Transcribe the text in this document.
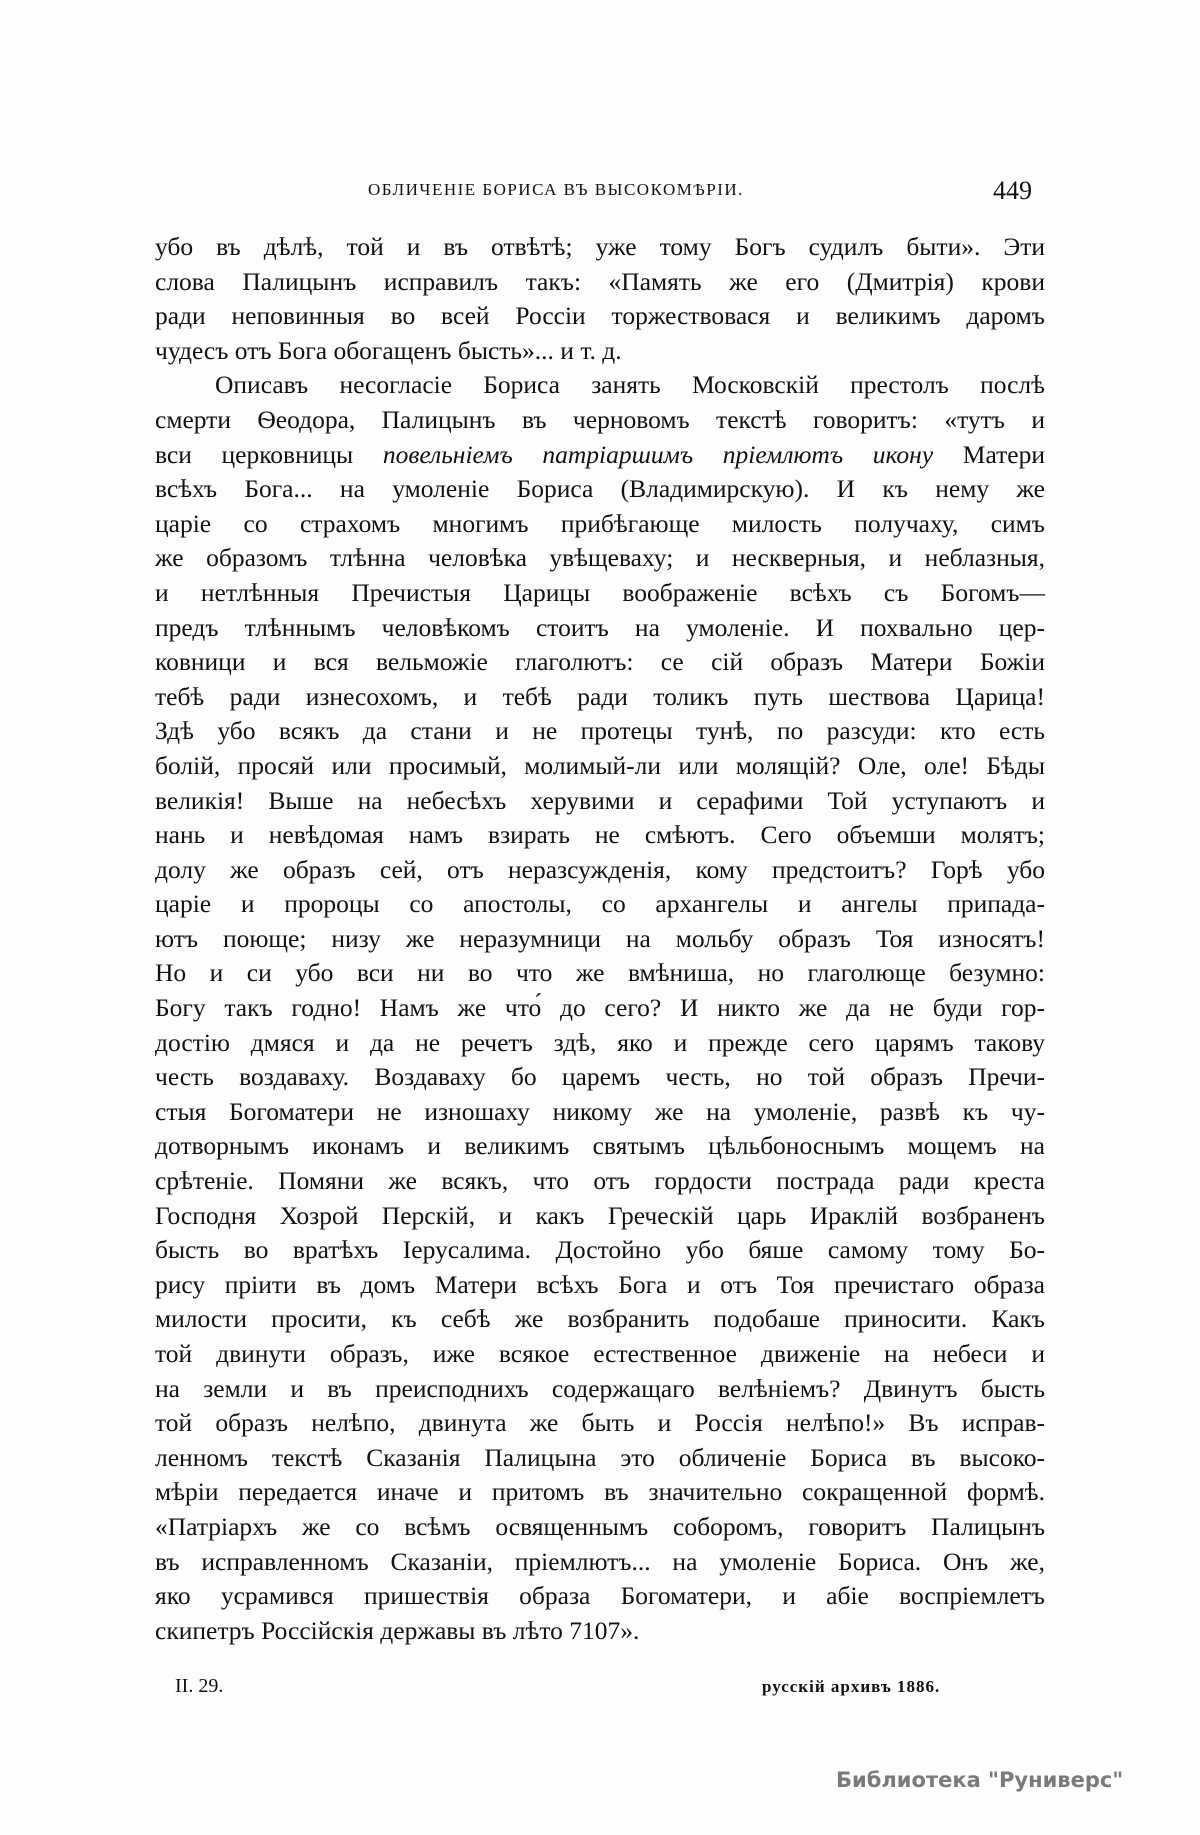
ОБЛИЧЕНІЕ БОРИСА ВЪ ВЫСОКОМѢРІИ.	449
убо въ дѣлѣ, той и въ отвѣтѣ; уже тому Богъ судилъ быти». Эти
слова Палицынъ исправилъ такъ: «Память же его (Дмитрія) крови
ради неповинныя во всей Россіи торжествовася и великимъ даромъ
чудесъ отъ Бога обогащенъ бысть»... и т. д.
Описавъ несогласіе Бориса занять Московскій престолъ послѣ
смерти Ѳеодора, Палицынъ въ черновомъ текстѣ говоритъ: «тутъ и
вси церковницы повельніемъ патріаршимъ пріемлютъ икону Матери
всѣхъ Бога... на умоленіе Бориса (Владимирскую). И къ нему же
царіе со страхомъ многимъ прибѣгающе милость получаху, симъ
же образомъ тлѣнна человѣка увѣщеваху; и нескверныя, и неблазныя,
и нетлѣнныя Пречистыя Царицы воображеніе всѣхъ съ Богомъ—
предъ тлѣннымъ человѣкомъ стоитъ на умоленіе. И похвально цер-
ковници и вся вельможіе глаголютъ: се сій образъ Матери Божіи
тебѣ ради изнесохомъ, и тебѣ ради толикъ путь шествова Царица!
Здѣ убо всякъ да стани и не протецы тунѣ, по разсуди: кто есть
болій, просяй или просимый, молимый-ли или молящій? Оле, оле! Бѣды
великія! Выше на небесѣхъ херувими и серафими Той уступаютъ и
нань и невѣдомая намъ взирать не смѣютъ. Сего объемши молятъ;
долу же образъ сей, отъ неразсужденія, кому предстоитъ? Горѣ убо
царіе и пророцы со апостолы, со архангелы и ангелы припада-
ютъ поюще; низу же неразумници на мольбу образъ Тоя износятъ!
Но и си убо вси ни во что же вмѣниша, но глаголюще безумно:
Богу такъ годно! Намъ же что́ до сего? И никто же да не буди гор-
достію дмяся и да не речетъ здѣ, яко и прежде сего царямъ такову
честь воздаваху. Воздаваху бо царемъ честь, но той образъ Пречи-
стыя Богоматери не изношаху никому же на умоленіе, развѣ къ чу-
дотворнымъ иконамъ и великимъ святымъ цѣльбоноснымъ мощемъ на
срѣтеніе. Помяни же всякъ, что отъ гордости пострада ради креста
Господня Хозрой Перскій, и какъ Греческій царь Ираклій возбраненъ
бысть во вратѣхъ Іерусалима. Достойно убо бяше самому тому Бо-
рису пріити въ домъ Матери всѣхъ Бога и отъ Тоя пречистаго образа
милости просити, къ себѣ же возбранить подобаше приносити. Какъ
той двинути образъ, иже всякое естественное движеніе на небеси и
на земли и въ преисподнихъ содержащаго велѣніемъ? Двинутъ бысть
той образъ нелѣпо, двинута же быть и Россія нелѣпо!» Въ исправ-
ленномъ текстѣ Сказанія Палицына это обличеніе Бориса въ высоко-
мѣріи передается иначе и притомъ въ значительно сокращенной формѣ.
«Патріархъ же со всѣмъ освященнымъ соборомъ, говоритъ Палицынъ
въ исправленномъ Сказаніи, пріемлютъ... на умоленіе Бориса. Онъ же,
яко усрамився пришествія образа Богоматери, и абіе воспріемлетъ
скипетръ Россійскія державы въ лѣто 7107».
II. 29.	русскій архивъ 1886.
Библиотека "Руниверс"
